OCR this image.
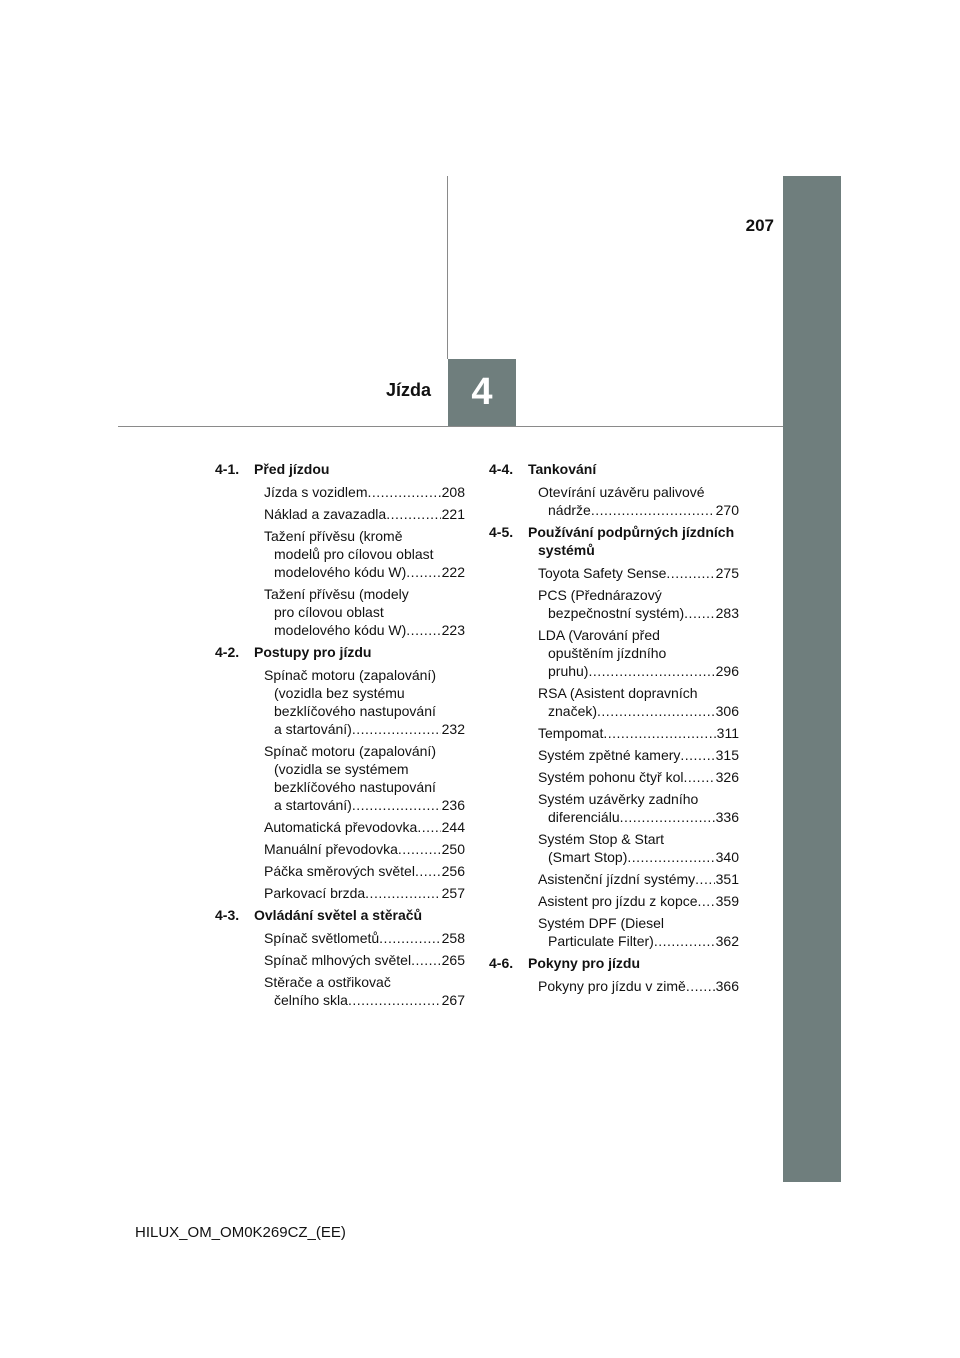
207
4
Jízda
4-1.	Před jízdou
Jízda s vozidlem .....	208
Náklad a zavazadla .....	221
Tažení přívěsu (kromě
modelů pro cílovou oblast
modelového kódu W) .....	222
Tažení přívěsu (modely
pro cílovou oblast
modelového kódu W) .....	223
4-2.	Postupy pro jízdu
Spínač motoru (zapalování)
(vozidla bez systému
bezklíčového nastupování
a startování) .....	232
Spínač motoru (zapalování)
(vozidla se systémem
bezklíčového nastupování
a startování) .....	236
Automatická převodovka ..... 244
Manuální převodovka .....	250
Páčka směrových světel ..... 256
Parkovací brzda .....	257
4-3.	Ovládání světel a stěračů
Spínač světlometů .....	258
Spínač mlhových světel ..... 265
Stěrače a ostřikovač
čelního skla .....	267
4-4.	Tankování
Otevírání uzávěru palivové
nádrže .....	270
4-5.	Používání podpůrných jízdních systémů
Toyota Safety Sense .....	275
PCS (Přednárazový
bezpečnostní systém) ..... 283
LDA (Varování před
opuštěním jízdního
pruhu) .....	296
RSA (Asistent dopravních
značek) .....	306
Tempomat .....	311
Systém zpětné kamery .....	315
Systém pohonu čtyř kol ..... 326
Systém uzávěrky zadního
diferenciálu .....	336
Systém Stop & Start
(Smart Stop) .....	340
Asistenční jízdní systémy ..... 351
Asistent pro jízdu z kopce ..... 359
Systém DPF (Diesel
Particulate Filter) .....	362
4-6.	Pokyny pro jízdu
Pokyny pro jízdu v zimě ..... 366
HILUX_OM_OM0K269CZ_(EE)
